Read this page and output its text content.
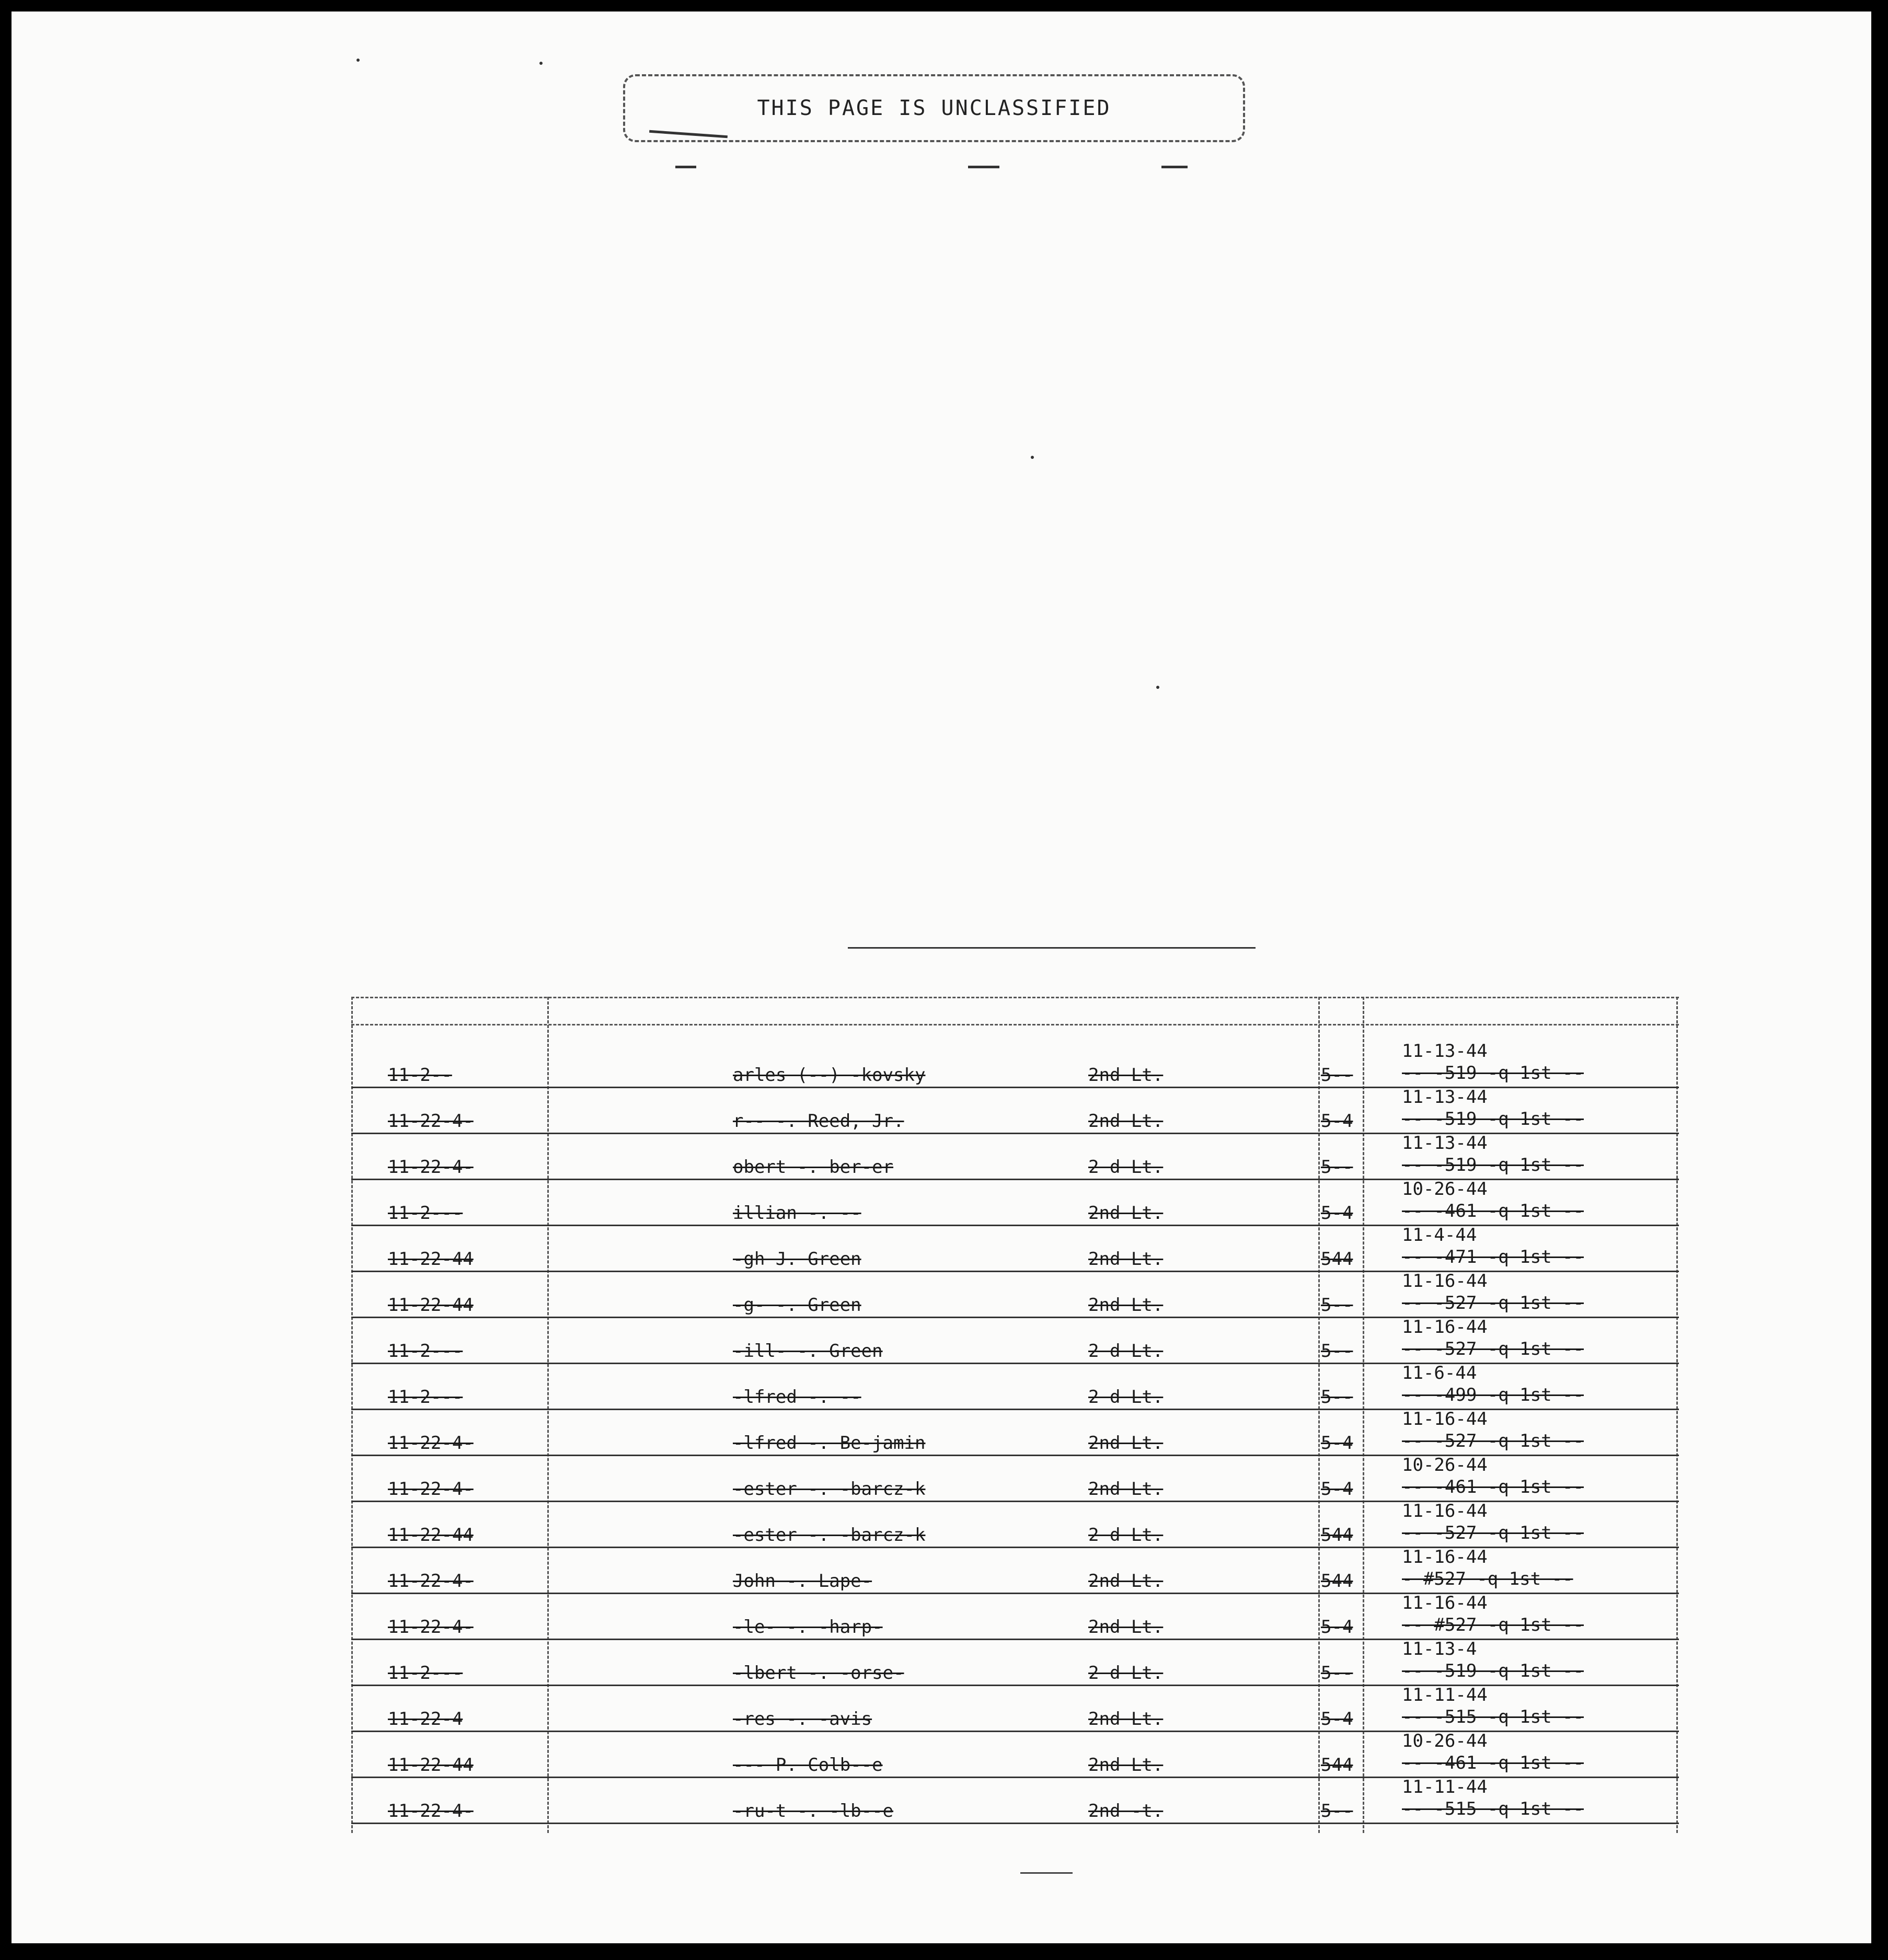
THIS PAGE IS UNCLASSIFIED
11-2--	arles (--) -kovsky	2nd Lt.	5--
11-13-44
-- -519 -q 1st --
11-22-4-	r-- -. Reed, Jr.	2nd Lt.	5-4
11-13-44
-- -519 -q 1st --
11-22-4-	obert -. ber-er	2 d Lt.	5--
11-13-44
-- -519 -q 1st --
11-2---	illian -. --	2nd Lt.	5-4
10-26-44
-- -461 -q 1st --
11-22-44	-gh J. Green	2nd Lt.	544
11-4-44
-- -471 -q 1st --
11-22-44	-g- -. Green	2nd Lt.	5--
11-16-44
-- -527 -q 1st --
11-2---	-ill- -. Green	2 d Lt.	5--
11-16-44
-- -527 -q 1st --
11-2---	-lfred -. --	2 d Lt.	5--
11-6-44
-- -499 -q 1st --
11-22-4-	-lfred -. Be-jamin	2nd Lt.	5-4
11-16-44
-- -527 -q 1st --
11-22-4-	-ester -. -barcz-k	2nd Lt.	5-4
10-26-44
-- -461 -q 1st --
11-22-44	-ester -. -barcz-k	2 d Lt.	544
11-16-44
-- -527 -q 1st --
11-22-4-	John -. Lape-	2nd Lt.	544
11-16-44
- #527 -q 1st --
11-22-4-	-le- -. -harp-	2nd Lt.	5-4
11-16-44
-- #527 -q 1st --
11-2---	-lbert -. -orse-	2 d Lt.	5--
11-13-4
-- -519 -q 1st --
11-22-4	-res -. -avis	2nd Lt.	5-4
11-11-44
-- -515 -q 1st --
11-22-44	--- P. Colb--e	2nd Lt.	544
10-26-44
-- -461 -q 1st --
11-22-4-	-ru-t -. -lb--e	2nd -t.	5--
11-11-44
-- -515 -q 1st --
